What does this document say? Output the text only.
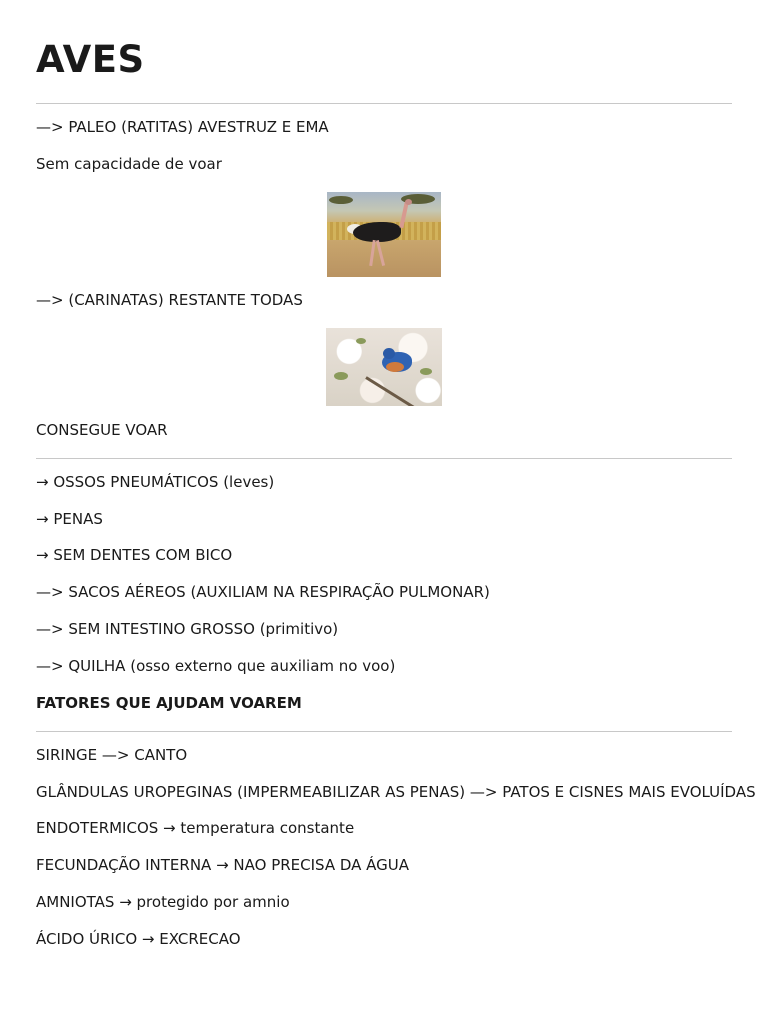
AVES
—> PALEO (RATITAS) AVESTRUZ E EMA
Sem capacidade de voar
—> (CARINATAS) RESTANTE TODAS
CONSEGUE VOAR
→ OSSOS PNEUMÁTICOS (leves)
→ PENAS
→ SEM DENTES COM BICO
—> SACOS AÉREOS (AUXILIAM NA RESPIRAÇÃO PULMONAR)
—> SEM INTESTINO GROSSO (primitivo)
—> QUILHA (osso externo que auxiliam no voo)
FATORES QUE AJUDAM VOAREM
SIRINGE —> CANTO
GLÂNDULAS UROPEGINAS (IMPERMEABILIZAR AS PENAS) —> PATOS E CISNES MAIS EVOLUÍDAS
ENDOTERMICOS → temperatura constante
FECUNDAÇÃO INTERNA → NAO PRECISA DA ÁGUA
AMNIOTAS → protegido por amnio
ÁCIDO ÚRICO → EXCRECAO
